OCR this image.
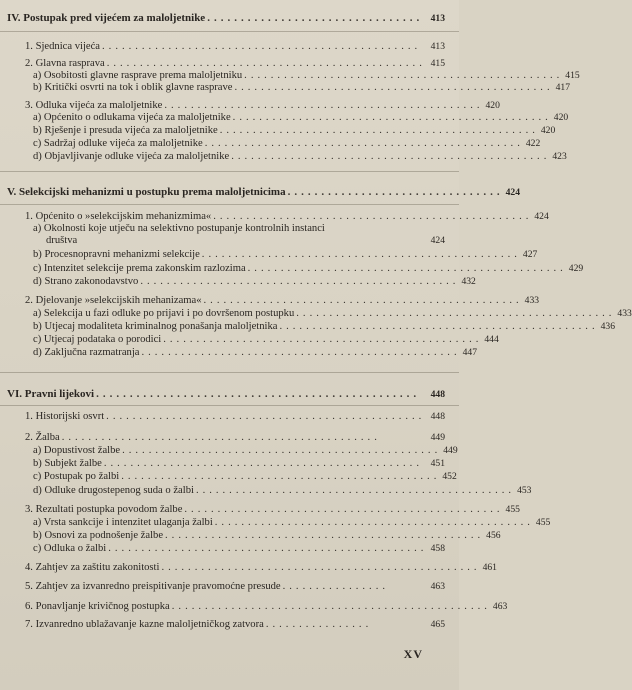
IV. Postupak pred vijećem za maloljetnike ................................ 413
1. Sjednica vijeća ................................................ 413
2. Glavna rasprava ................................................ 415
a) Osobitosti glavne rasprave prema maloljetniku ................................................ 415
b) Kritički osvrti na tok i oblik glavne rasprave ................................................ 417
3. Odluka vijeća za maloljetnike ................................................ 420
a) Općenito o odlukama vijeća za maloljetnike ................................................ 420
b) Rješenje i presuda vijeća za maloljetnike ................................................ 420
c) Sadržaj odluke vijeća za maloljetnike ................................................ 422
d) Objavljivanje odluke vijeća za maloljetnike ................................................ 423
V. Selekcijski mehanizmi u postupku prema maloljetnicima ................................ 424
1. Općenito o »selekcijskim mehanizmima« ................................................ 424
a) Okolnosti koje utječu na selektivno postupanje kontrolnih instanci
društva	424
b) Procesnopravni mehanizmi selekcije ................................................ 427
c) Intenzitet selekcije prema zakonskim razlozima ................................................ 429
d) Strano zakonodavstvo ................................................ 432
2. Djelovanje »selekcijskih mehanizama« ................................................ 433
a) Selekcija u fazi odluke po prijavi i po dovršenom postupku ................................................ 433
b) Utjecaj modaliteta kriminalnog ponašanja maloljetnika ................................................ 436
c) Utjecaj podataka o porodici ................................................ 444
d) Zaključna razmatranja ................................................ 447
VI. Pravni lijekovi ................................................	448
1. Historijski osvrt ................................................ 448
2. Žalba ................................................	449
a) Dopustivost žalbe ................................................ 449
b) Subjekt žalbe ................................................ 451
c) Postupak po žalbi ................................................ 452
d) Odluke drugostepenog suda o žalbi ................................................ 453
3. Rezultati postupka povodom žalbe ................................................ 455
a) Vrsta sankcije i intenzitet ulaganja žalbi ................................................ 455
b) Osnovi za podnošenje žalbe ................................................ 456
c) Odluka o žalbi ................................................ 458
4. Zahtjev za zaštitu zakonitosti ................................................ 461
5. Zahtjev za izvanredno preispitivanje pravomoćne presude ................	463
6. Ponavljanje krivičnog postupka ................................................ 463
7. Izvanredno ublažavanje kazne maloljetničkog zatvora ................	465
XV
